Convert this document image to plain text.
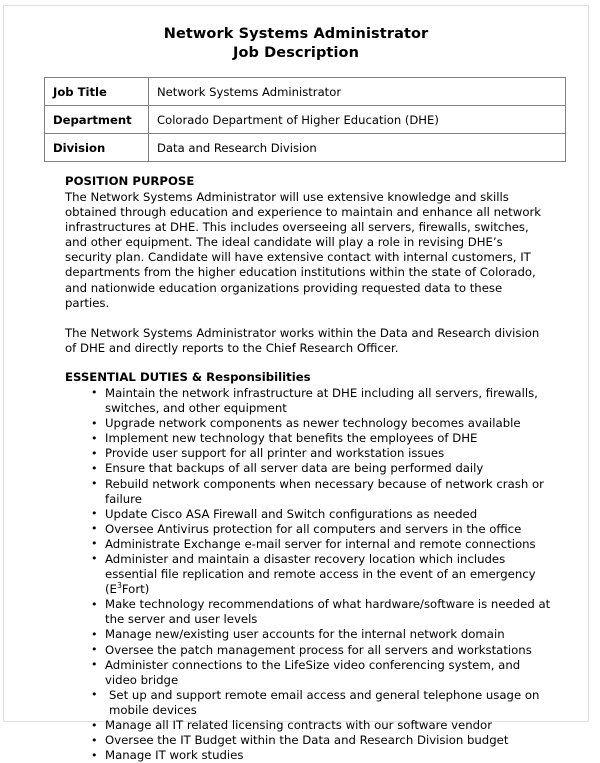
Network Systems Administrator
Job Description
Job Title	Network Systems Administrator
Department	Colorado Department of Higher Education (DHE)
Division	Data and Research Division
POSITION PURPOSE

The Network Systems Administrator will use extensive knowledge and skills obtained through education and experience to maintain and enhance all network infrastructures at DHE. This includes overseeing all servers, firewalls, switches, and other equipment. The ideal candidate will play a role in revising DHE’s security plan. Candidate will have extensive contact with internal customers, IT departments from the higher education institutions within the state of Colorado, and nationwide education organizations providing requested data to these parties.

The Network Systems Administrator works within the Data and Research division of DHE and directly reports to the Chief Research Officer.

ESSENTIAL DUTIES & Responsibilities
• Maintain the network infrastructure at DHE including all servers, firewalls, switches, and other equipment
• Upgrade network components as newer technology becomes available
• Implement new technology that benefits the employees of DHE
• Provide user support for all printer and workstation issues
• Ensure that backups of all server data are being performed daily
• Rebuild network components when necessary because of network crash or failure
• Update Cisco ASA Firewall and Switch configurations as needed
• Oversee Antivirus protection for all computers and servers in the office
• Administrate Exchange e-mail server for internal and remote connections
• Administer and maintain a disaster recovery location which includes essential file replication and remote access in the event of an emergency $(E^3Fort)$
• Make technology recommendations of what hardware/software is needed at the server and user levels
• Manage new/existing user accounts for the internal network domain
• Oversee the patch management process for all servers and workstations
• Administer connections to the LifeSize video conferencing system, and video bridge
• Set up and support remote email access and general telephone usage on mobile devices
• Manage all IT related licensing contracts with our software vendor
• Oversee the IT Budget within the Data and Research Division budget
• Manage IT work studies
